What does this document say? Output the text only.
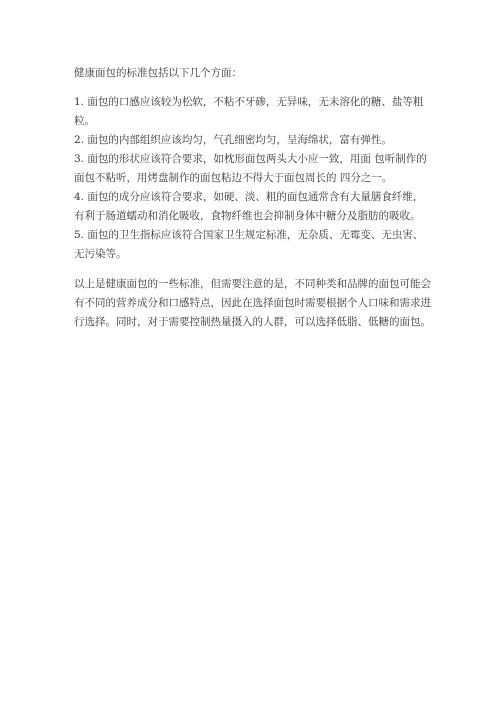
健康面包的标准包括以下几个方面：

1. 面包的口感应该较为松软，不粘不牙碜，无异味，无未溶化的糖、盐等粗粒。
2. 面包的内部组织应该均匀，气孔细密均匀，呈海绵状，富有弹性。
3. 面包的形状应该符合要求，如枕形面包两头大小应一致，用面 包听制作的面包不粘听，用烤盘制作的面包粘边不得大于面包周长的 四分之一。
4. 面包的成分应该符合要求，如硬、淡、粗的面包通常含有大量膳食纤维，有利于肠道蠕动和消化吸收，食物纤维也会抑制身体中糖分及脂肪的吸收。
5. 面包的卫生指标应该符合国家卫生规定标准，无杂质、无霉变、无虫害、无污染等。

以上是健康面包的一些标准，但需要注意的是，不同种类和品牌的面包可能会有不同的营养成分和口感特点，因此在选择面包时需要根据个人口味和需求进行选择。同时，对于需要控制热量摄入的人群，可以选择低脂、低糖的面包。
